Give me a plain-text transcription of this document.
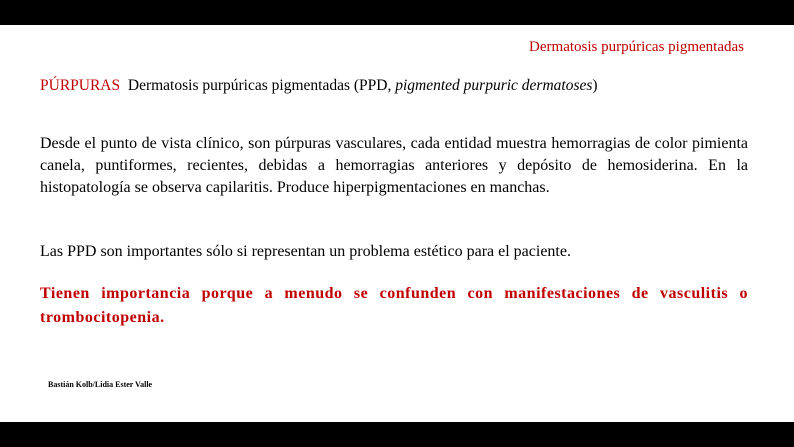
Dermatosis purpúricas pigmentadas
PÚRPURAS Dermatosis purpúricas pigmentadas (PPD, pigmented purpuric dermatoses)
Desde el punto de vista clínico, son púrpuras vasculares, cada entidad muestra hemorragias de color pimienta canela, puntiformes, recientes, debidas a hemorragias anteriores y depósito de hemosiderina. En la histopatología se observa capilaritis. Produce hiperpigmentaciones en manchas.
Las PPD son importantes sólo si representan un problema estético para el paciente.
Tienen importancia porque a menudo se confunden con manifestaciones de vasculitis o trombocitopenia.
Bastián Kolb/Lidia Ester Valle
